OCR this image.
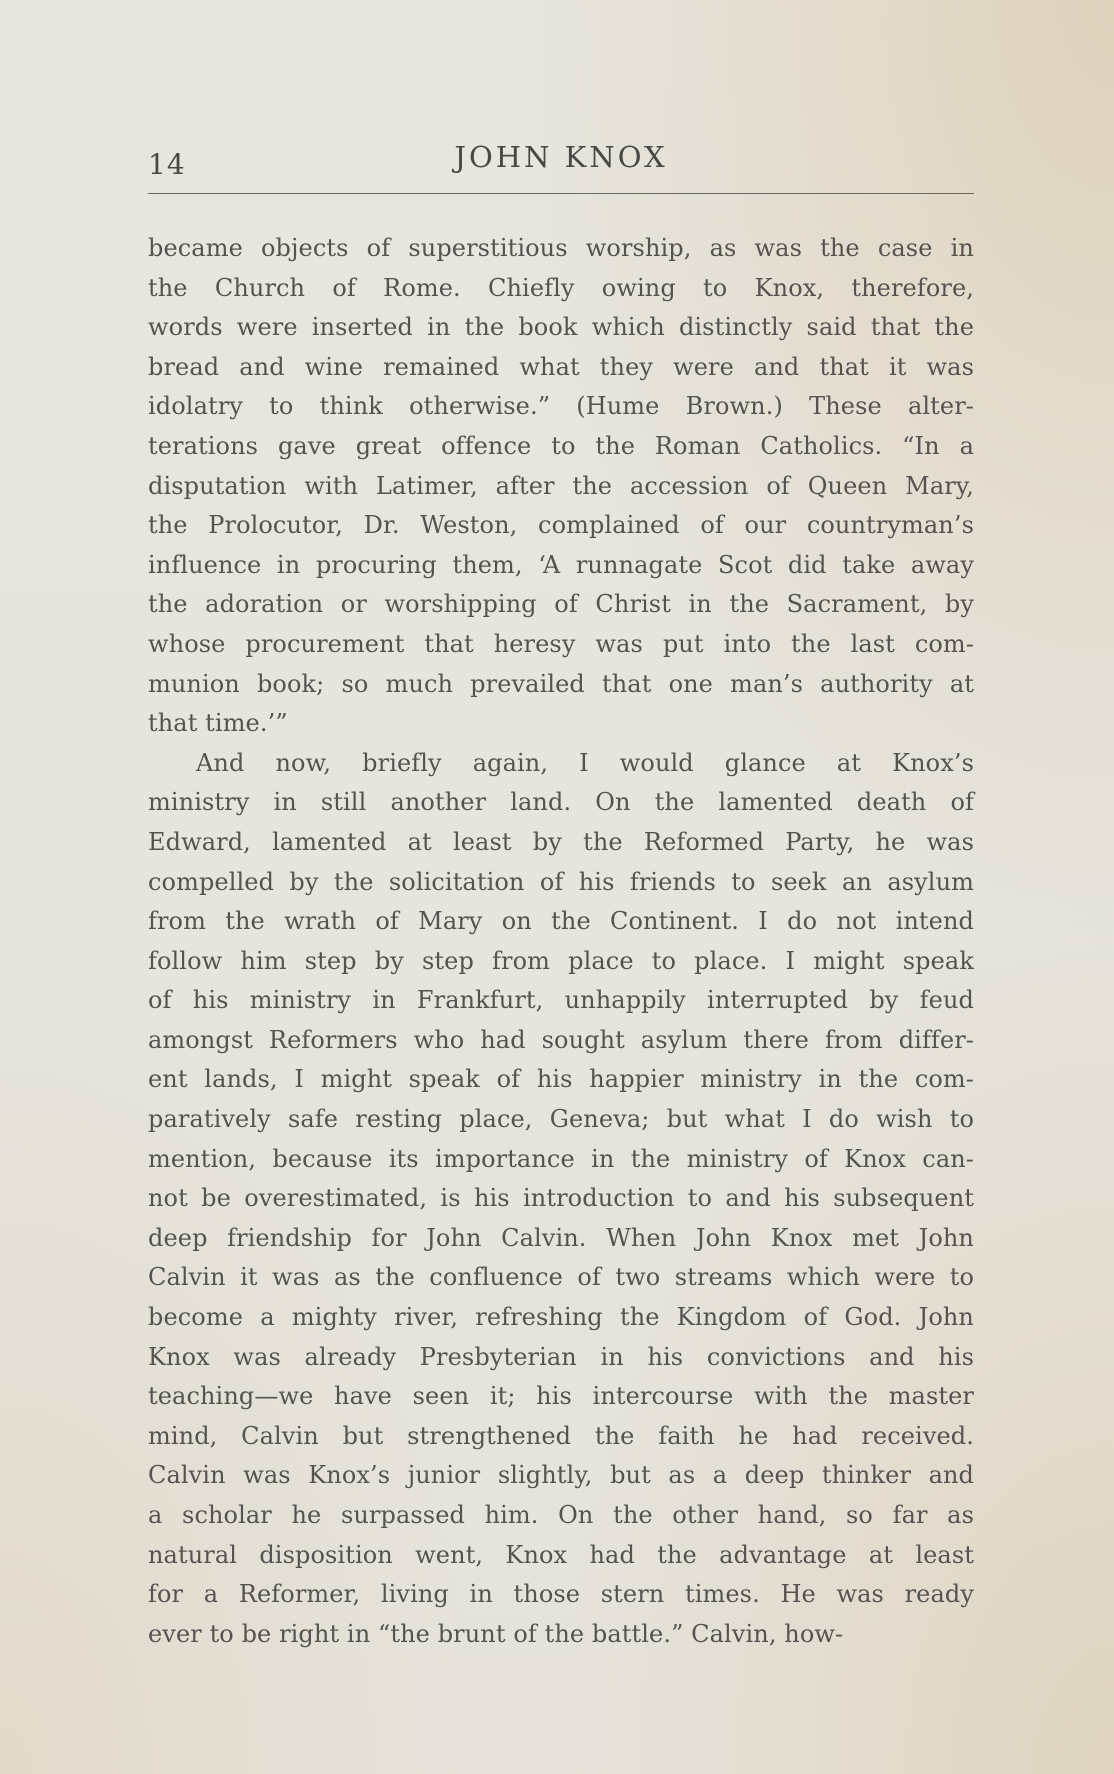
14	JOHN KNOX

became objects of superstitious worship, as was the case in
the Church of Rome. Chiefly owing to Knox, therefore,
words were inserted in the book which distinctly said that the
bread and wine remained what they were and that it was
idolatry to think otherwise.” (Hume Brown.) These alter-
terations gave great offence to the Roman Catholics. “In a
disputation with Latimer, after the accession of Queen Mary,
the Prolocutor, Dr. Weston, complained of our countryman’s
influence in procuring them, ‘A runnagate Scot did take away
the adoration or worshipping of Christ in the Sacrament, by
whose procurement that heresy was put into the last com-
munion book; so much prevailed that one man’s authority at
that time.’”

And now, briefly again, I would glance at Knox’s
ministry in still another land. On the lamented death of
Edward, lamented at least by the Reformed Party, he was
compelled by the solicitation of his friends to seek an asylum
from the wrath of Mary on the Continent. I do not intend
follow him step by step from place to place. I might speak
of his ministry in Frankfurt, unhappily interrupted by feud
amongst Reformers who had sought asylum there from differ-
ent lands, I might speak of his happier ministry in the com-
paratively safe resting place, Geneva; but what I do wish to
mention, because its importance in the ministry of Knox can-
not be overestimated, is his introduction to and his subsequent
deep friendship for John Calvin. When John Knox met John
Calvin it was as the confluence of two streams which were to
become a mighty river, refreshing the Kingdom of God. John
Knox was already Presbyterian in his convictions and his
teaching—we have seen it; his intercourse with the master
mind, Calvin but strengthened the faith he had received.
Calvin was Knox’s junior slightly, but as a deep thinker and
a scholar he surpassed him. On the other hand, so far as
natural disposition went, Knox had the advantage at least
for a Reformer, living in those stern times. He was ready
ever to be right in “the brunt of the battle.” Calvin, how-
